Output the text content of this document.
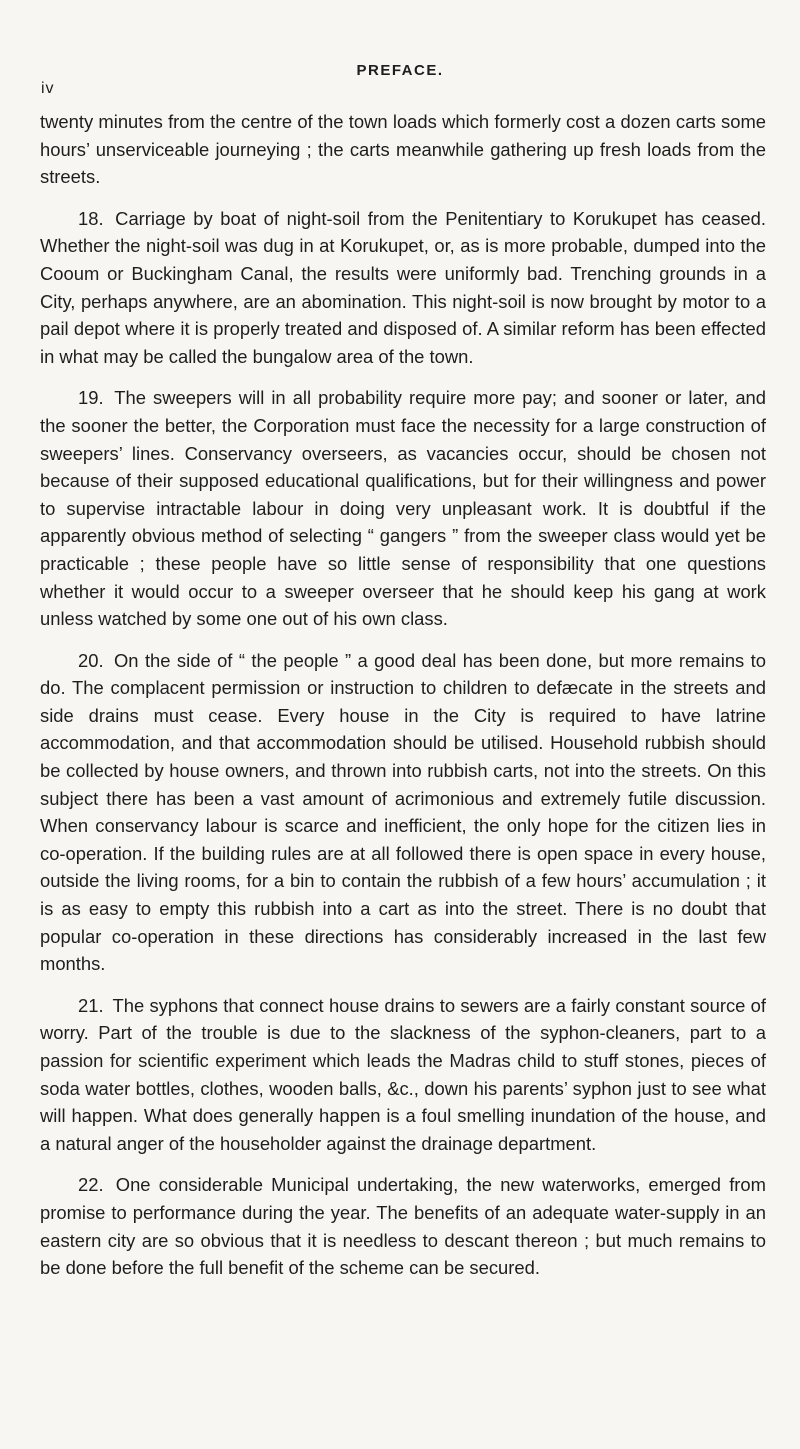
iv
PREFACE.

twenty minutes from the centre of the town loads which formerly cost a dozen carts some hours’ unserviceable journeying ; the carts meanwhile gathering up fresh loads from the streets.

18. Carriage by boat of night-soil from the Penitentiary to Korukupet has ceased. Whether the night-soil was dug in at Korukupet, or, as is more probable, dumped into the Cooum or Buckingham Canal, the results were uniformly bad. Trenching grounds in a City, perhaps anywhere, are an abomination. This night-soil is now brought by motor to a pail depot where it is properly treated and disposed of. A similar reform has been effected in what may be called the bungalow area of the town.

19. The sweepers will in all probability require more pay; and sooner or later, and the sooner the better, the Corporation must face the necessity for a large construction of sweepers’ lines. Conservancy overseers, as vacancies occur, should be chosen not because of their supposed educational qualifications, but for their willingness and power to supervise intractable labour in doing very unpleasant work. It is doubtful if the apparently obvious method of selecting “ gangers ” from the sweeper class would yet be practicable ; these people have so little sense of responsibility that one questions whether it would occur to a sweeper overseer that he should keep his gang at work unless watched by some one out of his own class.

20. On the side of “ the people ” a good deal has been done, but more remains to do. The complacent permission or instruction to children to defæcate in the streets and side drains must cease. Every house in the City is required to have latrine accommodation, and that accommodation should be utilised. Household rubbish should be collected by house owners, and thrown into rubbish carts, not into the streets. On this subject there has been a vast amount of acrimonious and extremely futile discussion. When conservancy labour is scarce and inefficient, the only hope for the citizen lies in co-operation. If the building rules are at all followed there is open space in every house, outside the living rooms, for a bin to contain the rubbish of a few hours’ accumulation ; it is as easy to empty this rubbish into a cart as into the street. There is no doubt that popular co-operation in these directions has considerably increased in the last few months.

21. The syphons that connect house drains to sewers are a fairly constant source of worry. Part of the trouble is due to the slackness of the syphon-cleaners, part to a passion for scientific experiment which leads the Madras child to stuff stones, pieces of soda water bottles, clothes, wooden balls, &c., down his parents’ syphon just to see what will happen. What does generally happen is a foul smelling inundation of the house, and a natural anger of the householder against the drainage department.

22. One considerable Municipal undertaking, the new waterworks, emerged from promise to performance during the year. The benefits of an adequate water-supply in an eastern city are so obvious that it is needless to descant thereon ; but much remains to be done before the full benefit of the scheme can be secured.
